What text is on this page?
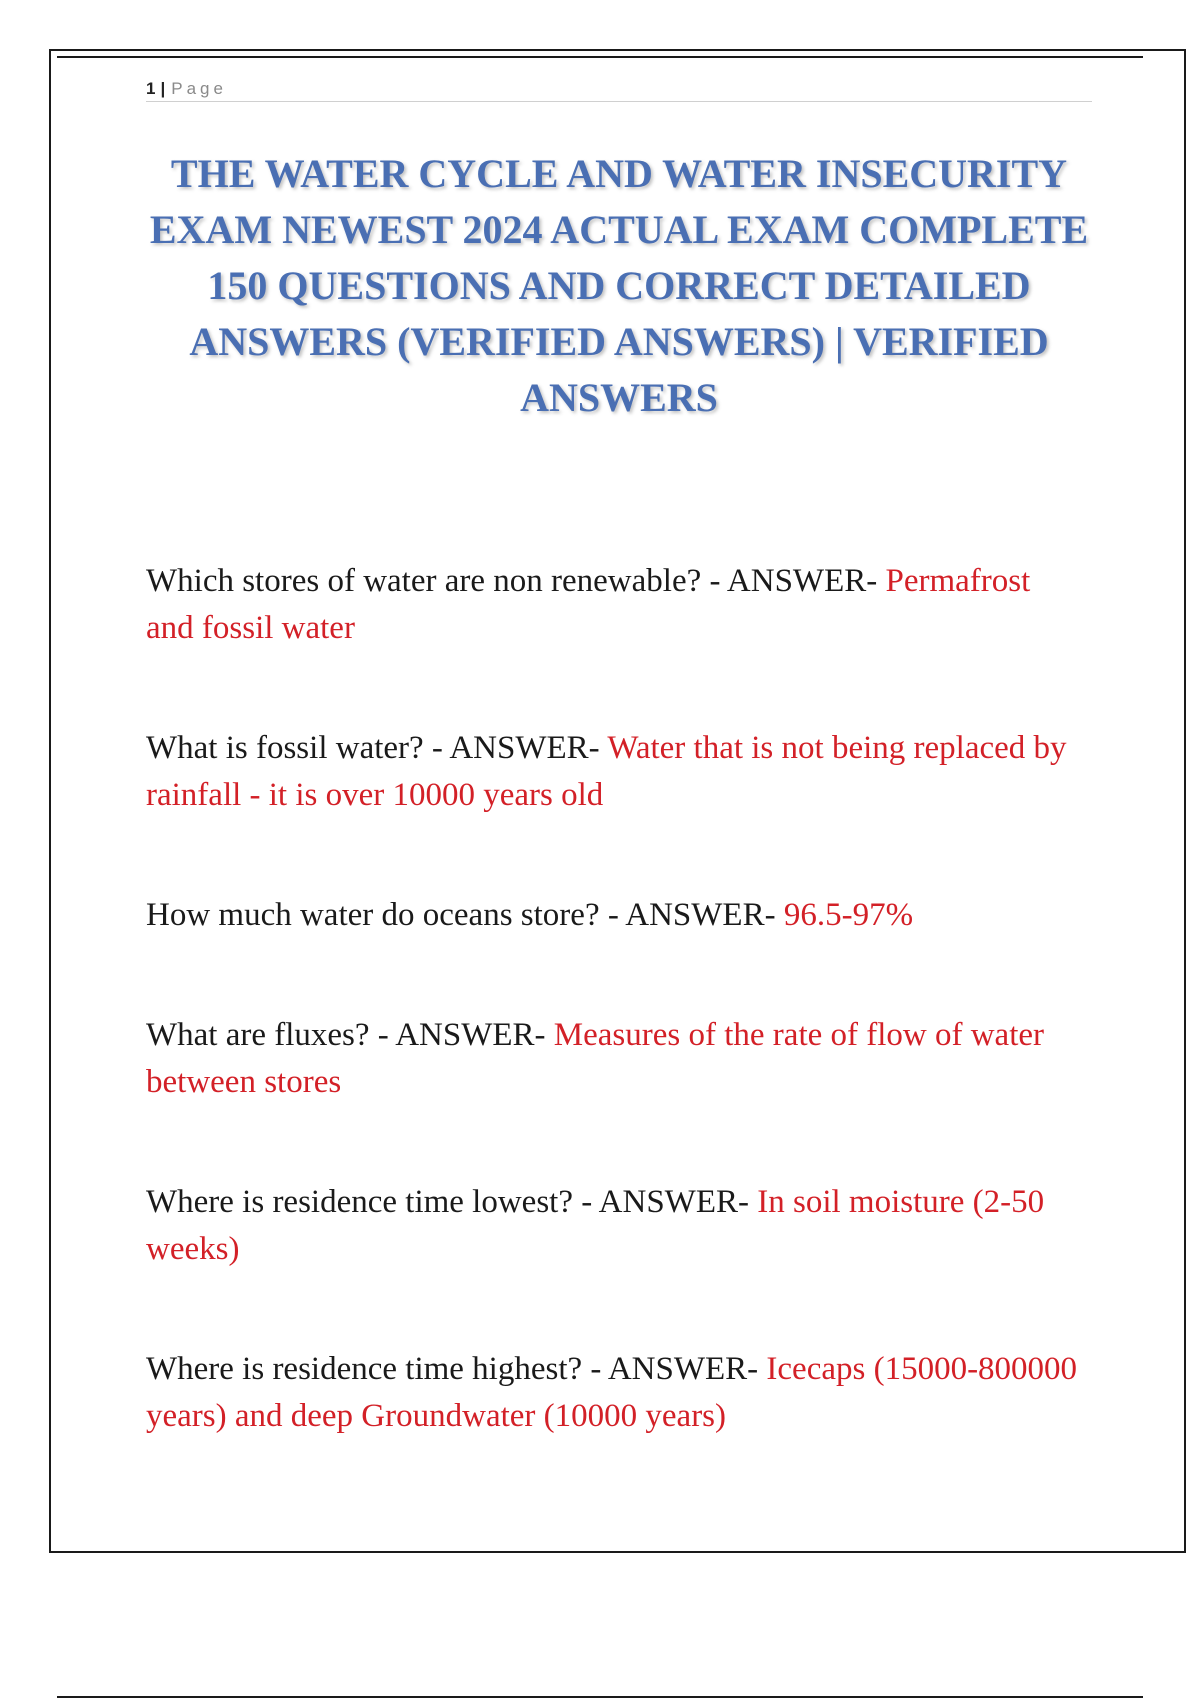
1 | Page
THE WATER CYCLE AND WATER INSECURITY EXAM NEWEST 2024 ACTUAL EXAM COMPLETE 150 QUESTIONS AND CORRECT DETAILED ANSWERS (VERIFIED ANSWERS) | VERIFIED ANSWERS

Which stores of water are non renewable? - ANSWER- Permafrost and fossil water

What is fossil water? - ANSWER- Water that is not being replaced by rainfall - it is over 10000 years old

How much water do oceans store? - ANSWER- 96.5-97%

What are fluxes? - ANSWER- Measures of the rate of flow of water between stores

Where is residence time lowest? - ANSWER- In soil moisture (2-50 weeks)

Where is residence time highest? - ANSWER- Icecaps (15000-800000 years) and deep Groundwater (10000 years)
